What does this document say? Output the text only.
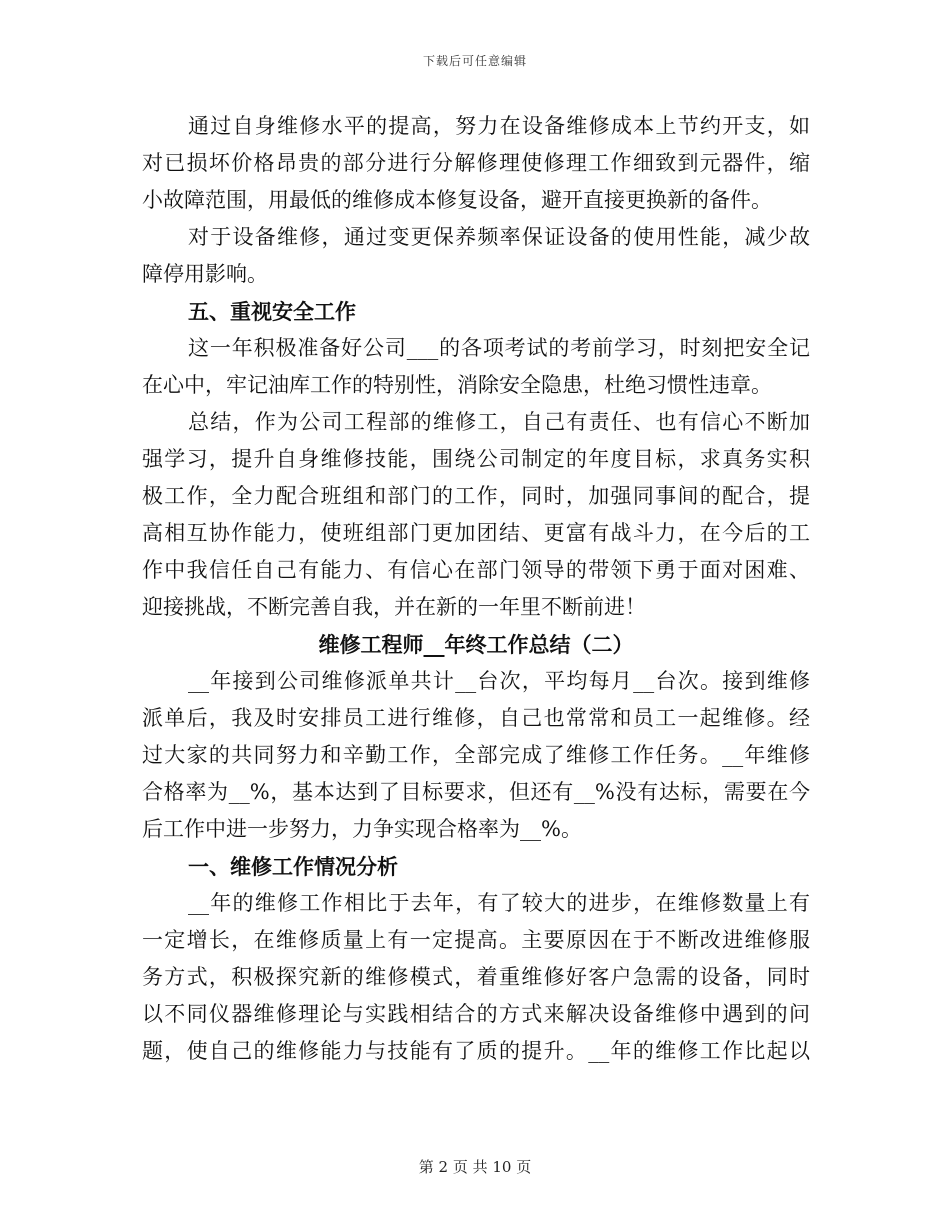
下载后可任意编辑
通过自身维修水平的提高，努力在设备维修成本上节约开支，如
对已损坏价格昂贵的部分进行分解修理使修理工作细致到元器件，缩
小故障范围，用最低的维修成本修复设备，避开直接更换新的备件。
对于设备维修，通过变更保养频率保证设备的使用性能，减少故
障停用影响。
五、重视安全工作
这一年积极准备好公司___的各项考试的考前学习，时刻把安全记
在心中，牢记油库工作的特别性，消除安全隐患，杜绝习惯性违章。
总结，作为公司工程部的维修工，自己有责任、也有信心不断加
强学习，提升自身维修技能，围绕公司制定的年度目标，求真务实积
极工作，全力配合班组和部门的工作，同时，加强同事间的配合，提
高相互协作能力，使班组部门更加团结、更富有战斗力，在今后的工
作中我信任自己有能力、有信心在部门领导的带领下勇于面对困难、
迎接挑战，不断完善自我，并在新的一年里不断前进！
维修工程师__年终工作总结（二）
__年接到公司维修派单共计__台次，平均每月__台次。接到维修
派单后，我及时安排员工进行维修，自己也常常和员工一起维修。经
过大家的共同努力和辛勤工作，全部完成了维修工作任务。__年维修
合格率为__%，基本达到了目标要求，但还有__%没有达标，需要在今
后工作中进一步努力，力争实现合格率为__%。
一、维修工作情况分析
__年的维修工作相比于去年，有了较大的进步，在维修数量上有
一定增长，在维修质量上有一定提高。主要原因在于不断改进维修服
务方式，积极探究新的维修模式，着重维修好客户急需的设备，同时
以不同仪器维修理论与实践相结合的方式来解决设备维修中遇到的问
题，使自己的维修能力与技能有了质的提升。__年的维修工作比起以
第 2 页 共 10 页
